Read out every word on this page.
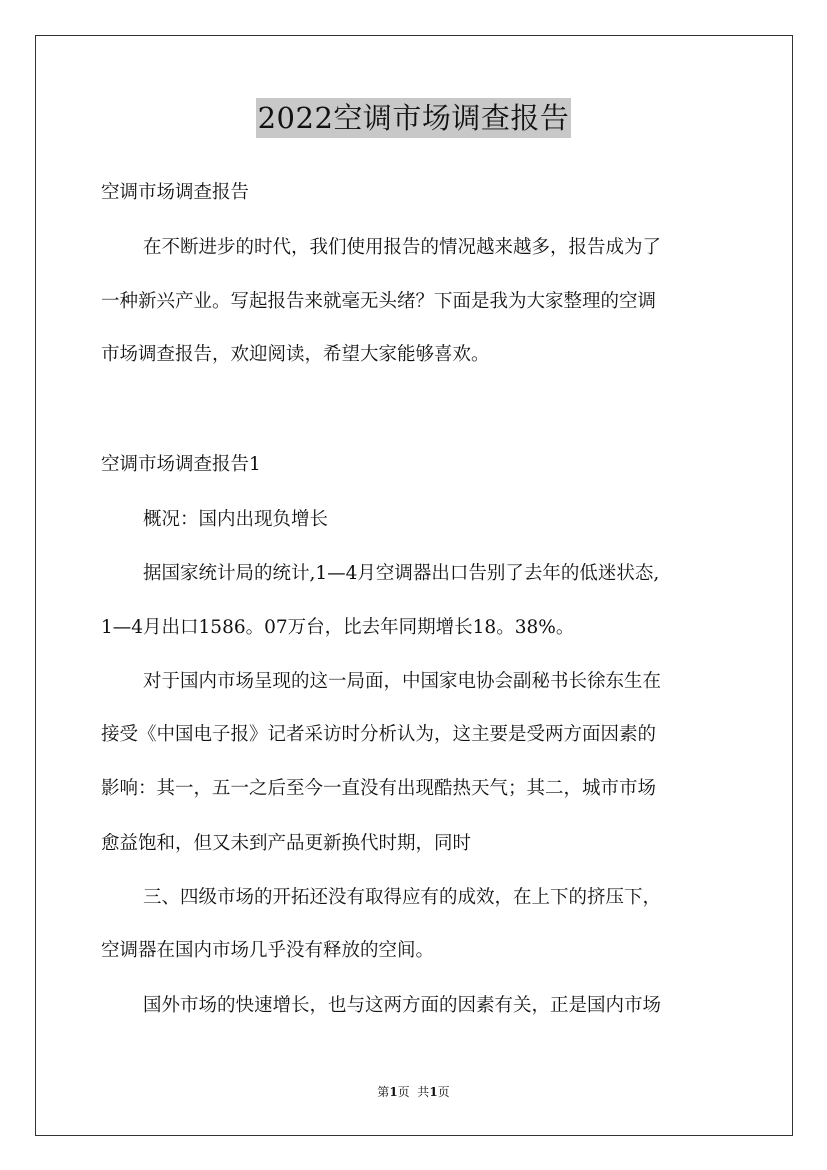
2022空调市场调查报告
空调市场调查报告
在不断进步的时代，我们使用报告的情况越来越多，报告成为了
一种新兴产业。写起报告来就毫无头绪？下面是我为大家整理的空调
市场调查报告，欢迎阅读，希望大家能够喜欢。
空调市场调查报告1
概况：国内出现负增长
据国家统计局的统计,1—4月空调器出口告别了去年的低迷状态,
1—4月出口1586。07万台，比去年同期增长18。38%。
对于国内市场呈现的这一局面，中国家电协会副秘书长徐东生在
接受《中国电子报》记者采访时分析认为，这主要是受两方面因素的
影响：其一，五一之后至今一直没有出现酷热天气；其二，城市市场
愈益饱和，但又未到产品更新换代时期，同时
三、四级市场的开拓还没有取得应有的成效，在上下的挤压下，
空调器在国内市场几乎没有释放的空间。
国外市场的快速增长，也与这两方面的因素有关，正是国内市场
第1页  共1页
